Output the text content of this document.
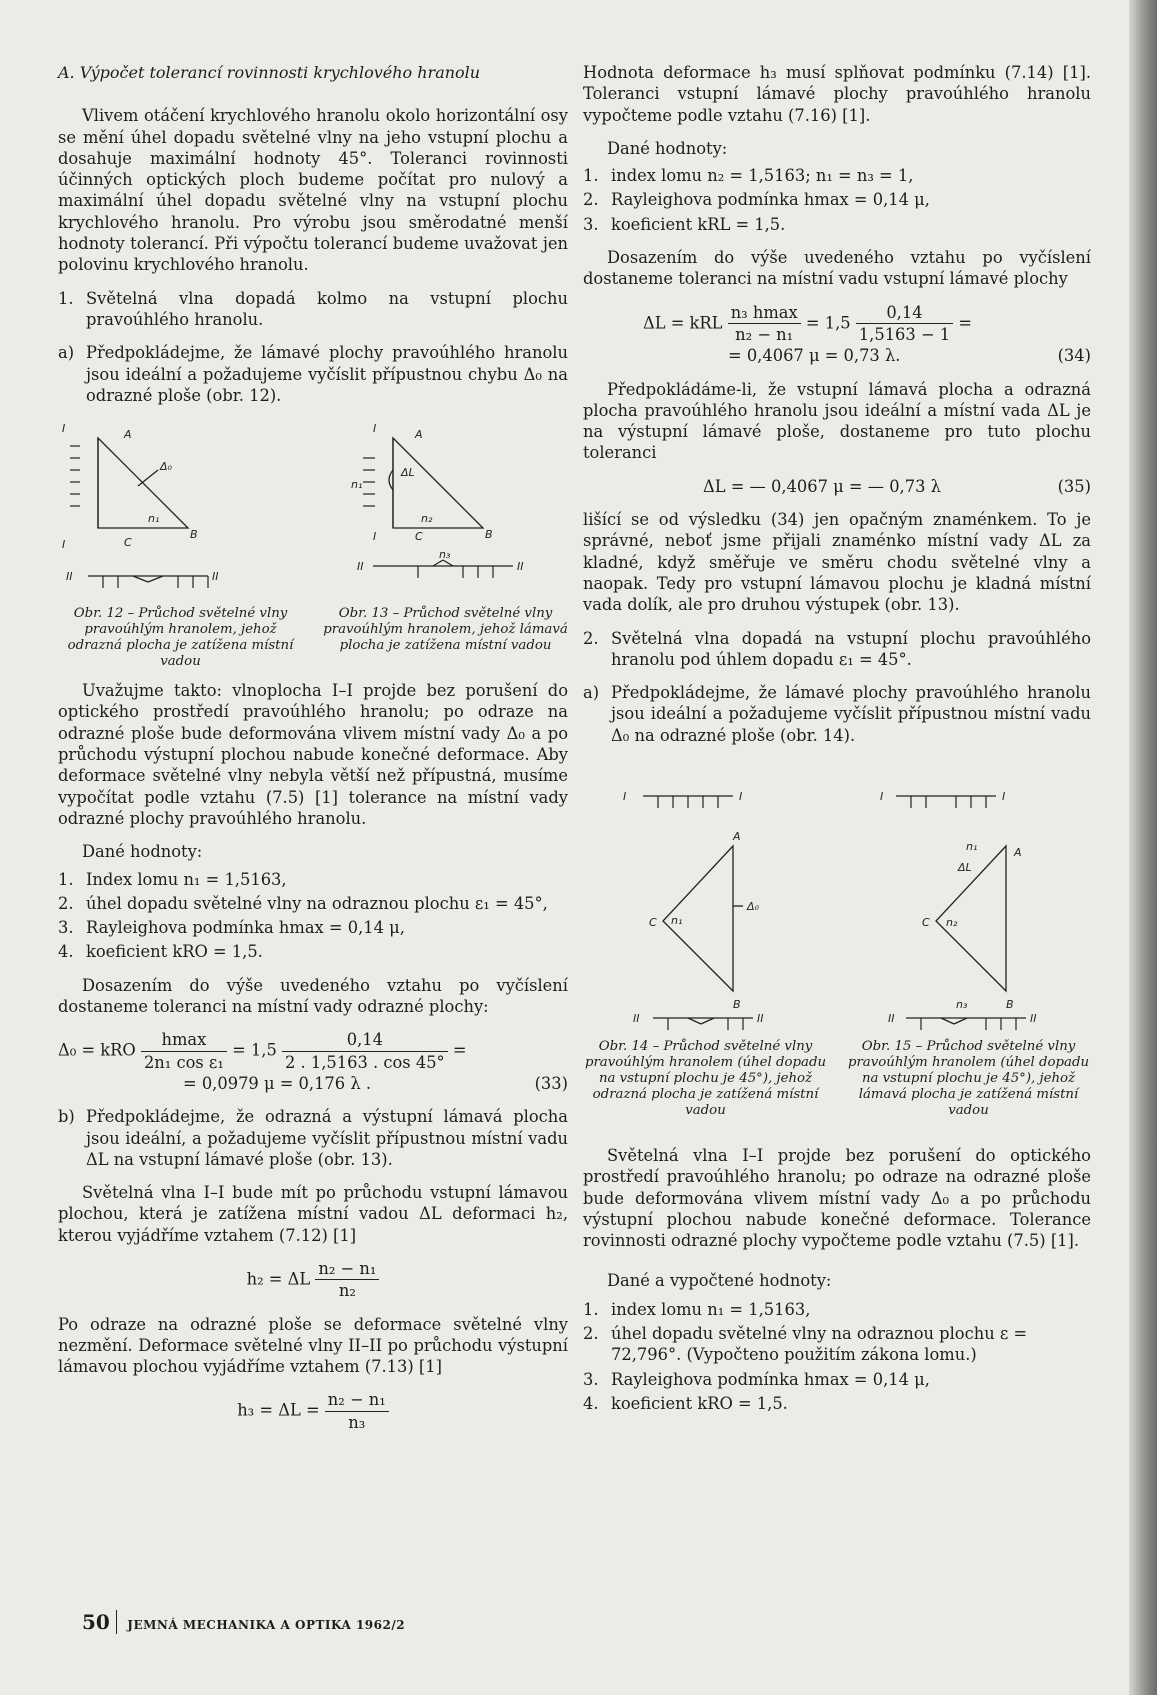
A. Výpočet tolerancí rovinnosti krychlového hranolu

Vlivem otáčení krychlového hranolu okolo horizontální osy se mění úhel dopadu světelné vlny na jeho vstupní plochu a dosahuje maximální hodnoty 45°. Toleranci rovinnosti účinných optických ploch budeme počítat pro nulový a maximální úhel dopadu světelné vlny na vstupní plochu krychlového hranolu. Pro výrobu jsou směrodatné menší hodnoty tolerancí. Při výpočtu tolerancí budeme uvažovat jen polovinu krychlového hranolu.

1. Světelná vlna dopadá kolmo na vstupní plochu pravoúhlého hranolu.
a) Předpokládejme, že lámavé plochy pravoúhlého hranolu jsou ideální a požadujeme vyčíslit přípustnou chybu Δ₀ na odrazné ploše (obr. 12).
I
I
A
C
B
n₁
Δ₀
II	II
Obr. 12 – Průchod světelné vlny pravoúhlým hranolem, jehož odrazná plocha je zatížena místní vadou
I
I
A
C	B
n₁
n₂
n₃
ΔL
II	II
Obr. 13 – Průchod světelné vlny pravoúhlým hranolem, jehož lámavá plocha je zatížena místní vadou

Uvažujme takto: vlnoplocha I–I projde bez porušení do optického prostředí pravoúhlého hranolu; po odraze na odrazné ploše bude deformována vlivem místní vady Δ₀ a po průchodu výstupní plochou nabude konečné deformace. Aby deformace světelné vlny nebyla větší než přípustná, musíme vypočítat podle vztahu (7.5) [1] tolerance na místní vady odrazné plochy pravoúhlého hranolu.

Dané hodnoty:

1. Index lomu n₁ = 1,5163,
2. úhel dopadu světelné vlny na odraznou plochu ε₁ = 45°,
3. Rayleighova podmínka hmax = 0,14 μ,
4. koeficient kRO = 1,5.

Dosazením do výše uvedeného vztahu po vyčíslení dostaneme toleranci na místní vady odrazné plochy:

Δ₀ = kRO $\frac{hmax}{\text{2n₁ cos ε₁}} = 1,5 \frac{0,14}{2 . 1,5163 . \cos 45^\circ}$ =
= 0,0979 μ = 0,176 λ .	(33)
b) Předpokládejme, že odrazná a výstupní lámavá plocha jsou ideální, a požadujeme vyčíslit přípustnou místní vadu ΔL na vstupní lámavé ploše (obr. 13).

Světelná vlna I–I bude mít po průchodu vstupní lámavou plochou, která je zatížena místní vadou ΔL deformaci h₂, kterou vyjádříme vztahem (7.12) [1]

h₂ = ΔL $\frac{\text{n₂ − n₁}}{\text{n₂}}$

Po odraze na odrazné ploše se deformace světelné vlny nezmění. Deformace světelné vlny II–II po průchodu výstupní lámavou plochou vyjádříme vztahem (7.13) [1]

$h_3 = \Delta L = \frac{\text{n₂ − n₁}}{\text{n₃}}$

Hodnota deformace h₃ musí splňovat podmínku (7.14) [1]. Toleranci vstupní lámavé plochy pravoúhlého hranolu vypočteme podle vztahu (7.16) [1].

Dané hodnoty:

1. index lomu n₂ = 1,5163; n₁ = n₃ = 1,
2. Rayleighova podmínka hmax = 0,14 μ,
3. koeficient kRL = 1,5.

Dosazením do výše uvedeného vztahu po vyčíslení dostaneme toleranci na místní vadu vstupní lámavé plochy

ΔL = kRL $\frac{\text{n₃ hmax}}{\text{n₂ − n₁}} = 1,5 \frac{0,14}{1,5163 - 1}$ =
= 0,4067 μ = 0,73 λ.	(34)

Předpokládáme-li, že vstupní lámavá plocha a odrazná plocha pravoúhlého hranolu jsou ideální a místní vada ΔL je na výstupní lámavé ploše, dostaneme pro tuto plochu toleranci

ΔL = — 0,4067 μ = — 0,73 λ	(35)

lišící se od výsledku (34) jen opačným znaménkem. To je správné, neboť jsme přijali znaménko místní vady ΔL za kladné, když směřuje ve směru chodu světelné vlny a naopak. Tedy pro vstupní lámavou plochu je kladná místní vada dolík, ale pro druhou výstupek (obr. 13).

2. Světelná vlna dopadá na vstupní plochu pravoúhlého hranolu pod úhlem dopadu ε₁ = 45°.
a) Předpokládejme, že lámavé plochy pravoúhlého hranolu jsou ideální a požadujeme vyčíslit přípustnou místní vadu Δ₀ na odrazné ploše (obr. 14).
I	I
A
C
B
n₁
Δ₀
II	II
Obr. 14 – Průchod světelné vlny pravoúhlým hranolem (úhel dopadu na vstupní plochu je 45°), jehož odrazná plocha je zatížená místní vadou
I	I
A
n₁
C
B
n₂
ΔL
n₃
II	II
Obr. 15 – Průchod světelné vlny pravoúhlým hranolem (úhel dopadu na vstupní plochu je 45°), jehož lámavá plocha je zatížená místní vadou

Světelná vlna I–I projde bez porušení do optického prostředí pravoúhlého hranolu; po odraze na odrazné ploše bude deformována vlivem místní vady Δ₀ a po průchodu výstupní plochou nabude konečné deformace. Tolerance rovinnosti odrazné plochy vypočteme podle vztahu (7.5) [1].

Dané a vypočtené hodnoty:

1. index lomu n₁ = 1,5163,
2. úhel dopadu světelné vlny na odraznou plochu ε = 72,796°. (Vypočteno použitím zákona lomu.)
3. Rayleighova podmínka hmax = 0,14 μ,
4. koeficient kRO = 1,5.
50 JEMNÁ MECHANIKA A OPTIKA 1962/2
